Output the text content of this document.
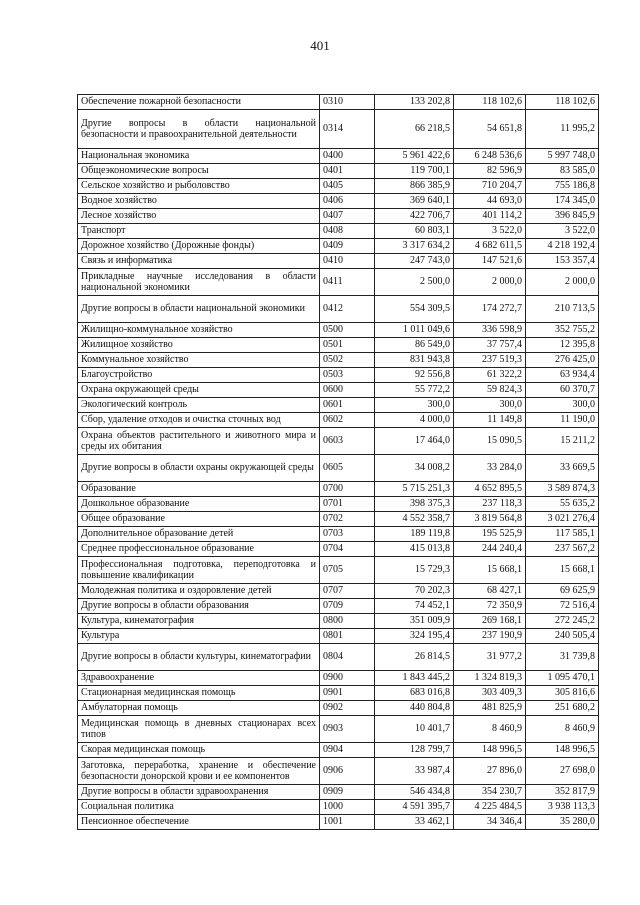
401
Обеспечение пожарной безопасности	0310	133 202,8	118 102,6	118 102,6
Другие вопросы в области национальной безопасности и правоохранительной деятельности	0314	66 218,5	54 651,8	11 995,2
Национальная экономика	0400	5 961 422,6	6 248 536,6	5 997 748,0
Общеэкономические вопросы	0401	119 700,1	82 596,9	83 585,0
Сельское хозяйство и рыболовство	0405	866 385,9	710 204,7	755 186,8
Водное хозяйство	0406	369 640,1	44 693,0	174 345,0
Лесное хозяйство	0407	422 706,7	401 114,2	396 845,9
Транспорт	0408	60 803,1	3 522,0	3 522,0
Дорожное хозяйство (Дорожные фонды)	0409	3 317 634,2	4 682 611,5	4 218 192,4
Связь и информатика	0410	247 743,0	147 521,6	153 357,4
Прикладные научные исследования в области национальной экономики	0411	2 500,0	2 000,0	2 000,0
Другие вопросы в области национальной экономики	0412	554 309,5	174 272,7	210 713,5
Жилищно-коммунальное хозяйство	0500	1 011 049,6	336 598,9	352 755,2
Жилищное хозяйство	0501	86 549,0	37 757,4	12 395,8
Коммунальное хозяйство	0502	831 943,8	237 519,3	276 425,0
Благоустройство	0503	92 556,8	61 322,2	63 934,4
Охрана окружающей среды	0600	55 772,2	59 824,3	60 370,7
Экологический контроль	0601	300,0	300,0	300,0
Сбор, удаление отходов и очистка сточных вод	0602	4 000,0	11 149,8	11 190,0
Охрана объектов растительного и животного мира и среды их обитания	0603	17 464,0	15 090,5	15 211,2
Другие вопросы в области охраны окружающей среды	0605	34 008,2	33 284,0	33 669,5
Образование	0700	5 715 251,3	4 652 895,5	3 589 874,3
Дошкольное образование	0701	398 375,3	237 118,3	55 635,2
Общее образование	0702	4 552 358,7	3 819 564,8	3 021 276,4
Дополнительное образование детей	0703	189 119,8	195 525,9	117 585,1
Среднее профессиональное образование	0704	415 013,8	244 240,4	237 567,2
Профессиональная подготовка, переподготовка и повышение квалификации	0705	15 729,3	15 668,1	15 668,1
Молодежная политика и оздоровление детей	0707	70 202,3	68 427,1	69 625,9
Другие вопросы в области образования	0709	74 452,1	72 350,9	72 516,4
Культура, кинематография	0800	351 009,9	269 168,1	272 245,2
Культура	0801	324 195,4	237 190,9	240 505,4
Другие вопросы в области культуры, кинематографии	0804	26 814,5	31 977,2	31 739,8
Здравоохранение	0900	1 843 445,2	1 324 819,3	1 095 470,1
Стационарная медицинская помощь	0901	683 016,8	303 409,3	305 816,6
Амбулаторная помощь	0902	440 804,8	481 825,9	251 680,2
Медицинская помощь в дневных стационарах всех типов	0903	10 401,7	8 460,9	8 460,9
Скорая медицинская помощь	0904	128 799,7	148 996,5	148 996,5
Заготовка, переработка, хранение и обеспечение безопасности донорской крови и ее компонентов	0906	33 987,4	27 896,0	27 698,0
Другие вопросы в области здравоохранения	0909	546 434,8	354 230,7	352 817,9
Социальная политика	1000	4 591 395,7	4 225 484,5	3 938 113,3
Пенсионное обеспечение	1001	33 462,1	34 346,4	35 280,0
